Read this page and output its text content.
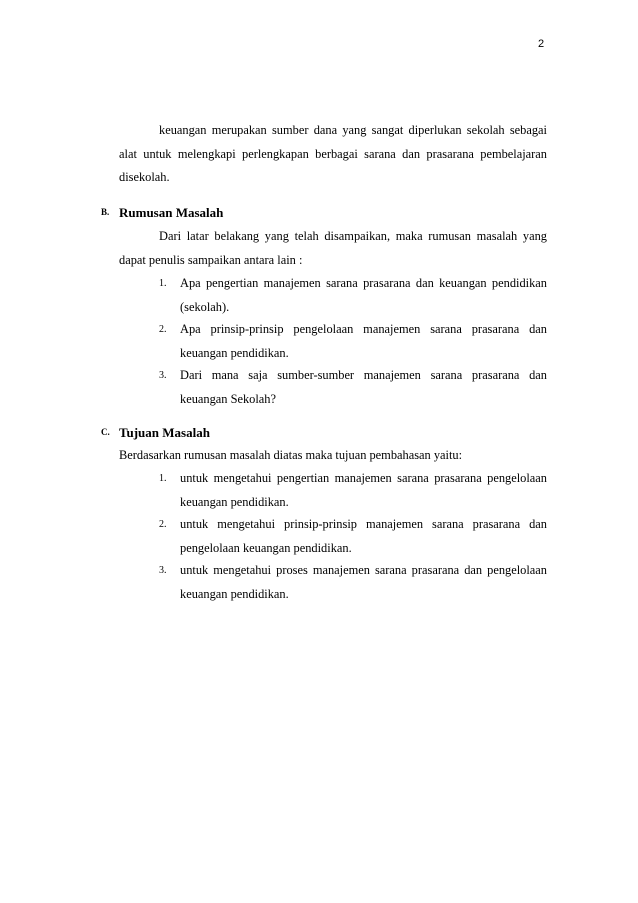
2
keuangan merupakan sumber dana yang sangat diperlukan sekolah sebagai
alat untuk melengkapi perlengkapan berbagai sarana dan prasarana pembelajaran
disekolah.
B. Rumusan Masalah
Dari latar belakang yang telah disampaikan, maka rumusan masalah yang
dapat penulis sampaikan antara lain :
1. Apa pengertian manajemen sarana prasarana dan keuangan pendidikan
(sekolah).
2. Apa prinsip-prinsip pengelolaan manajemen sarana prasarana dan
keuangan pendidikan.
3. Dari mana saja sumber-sumber manajemen sarana prasarana dan
keuangan Sekolah?
C. Tujuan Masalah
Berdasarkan rumusan masalah diatas maka tujuan pembahasan yaitu:
1. untuk mengetahui pengertian manajemen sarana prasarana pengelolaan
keuangan pendidikan.
2. untuk mengetahui prinsip-prinsip manajemen sarana prasarana dan
pengelolaan keuangan pendidikan.
3. untuk mengetahui proses manajemen sarana prasarana dan pengelolaan
keuangan pendidikan.
